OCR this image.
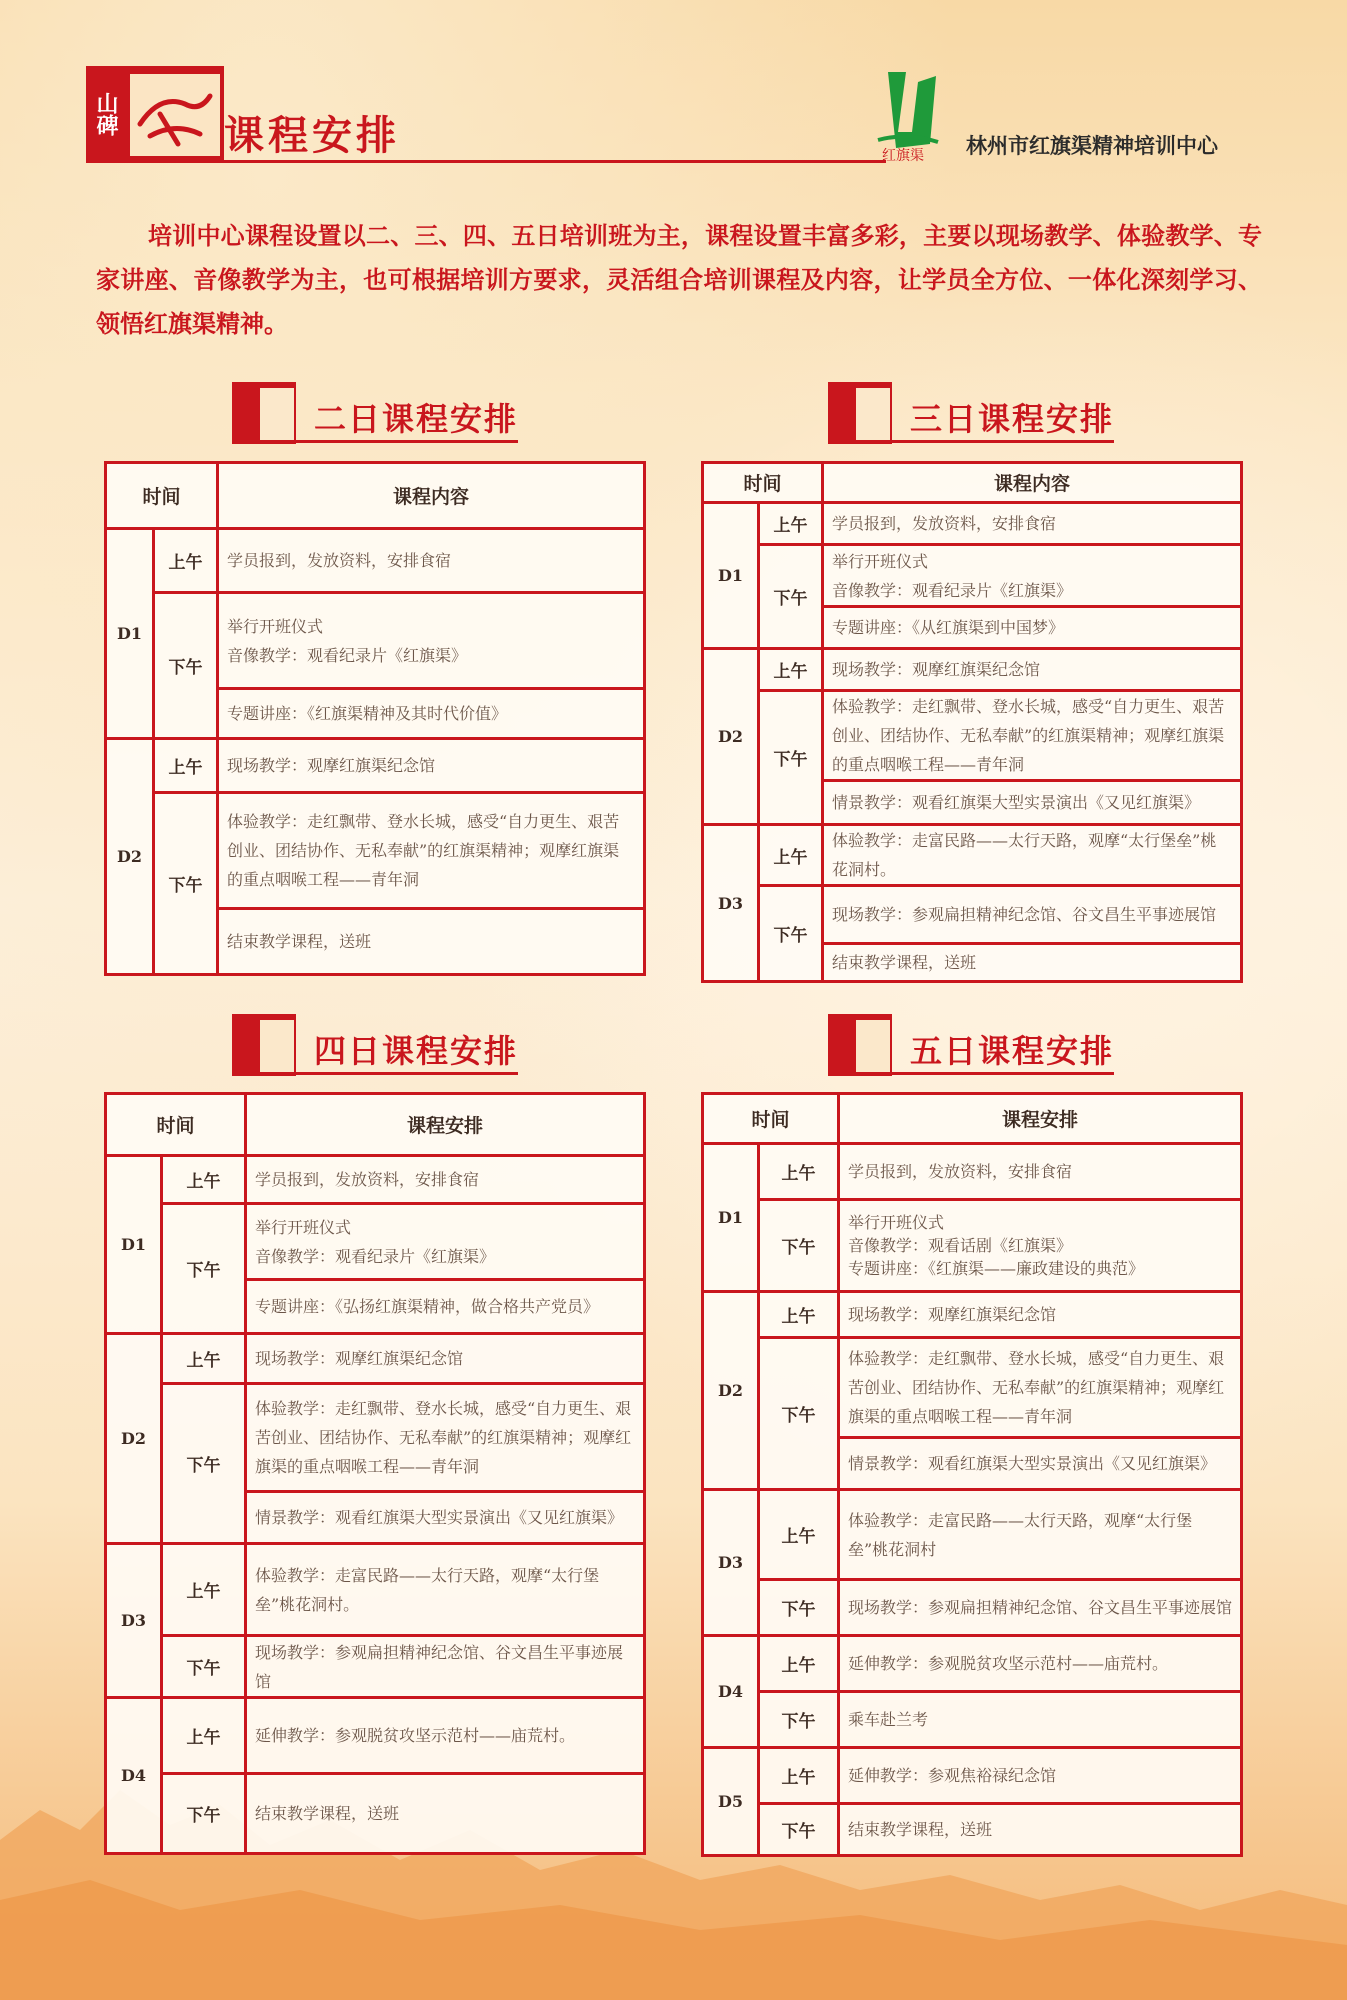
山碑	课程安排	红旗渠 林州市红旗渠精神培训中心
培训中心课程设置以二、三、四、五日培训班为主，课程设置丰富多彩，主要以现场教学、体验教学、专家讲座、音像教学为主，也可根据培训方要求，灵活组合培训课程及内容，让学员全方位、一体化深刻学习、领悟红旗渠精神。
二日课程安排	三日课程安排
四日课程安排	五日课程安排
时间		课程内容
D1	上午	学员报到，发放资料，安排食宿
	下午	举行开班仪式
音像教学：观看纪录片《红旗渠》

		专题讲座：《红旗渠精神及其时代价值》
D2	上午	现场教学：观摩红旗渠纪念馆
	下午	体验教学：走红飘带、登水长城，感受“自力更生、艰苦创业、团结协作、无私奉献”的红旗渠精神；观摩红旗渠的重点咽喉工程——青年洞
		结束教学课程，送班
时间		课程内容
D1	上午	学员报到，发放资料，安排食宿
	下午	举行开班仪式
音像教学：观看纪录片《红旗渠》

		专题讲座：《从红旗渠到中国梦》
D2	上午	现场教学：观摩红旗渠纪念馆
	下午	体验教学：走红飘带、登水长城，感受“自力更生、艰苦创业、团结协作、无私奉献”的红旗渠精神；观摩红旗渠的重点咽喉工程——青年洞
		情景教学：观看红旗渠大型实景演出《又见红旗渠》
D3	上午	体验教学：走富民路——太行天路，观摩“太行堡垒”桃花洞村。
	下午	现场教学：参观扁担精神纪念馆、谷文昌生平事迹展馆
		结束教学课程，送班
时间		课程安排
D1	上午	学员报到，发放资料，安排食宿
	下午	举行开班仪式
音像教学：观看纪录片《红旗渠》

		专题讲座：《弘扬红旗渠精神，做合格共产党员》
D2	上午	现场教学：观摩红旗渠纪念馆
	下午	体验教学：走红飘带、登水长城，感受“自力更生、艰苦创业、团结协作、无私奉献”的红旗渠精神；观摩红旗渠的重点咽喉工程——青年洞
		情景教学：观看红旗渠大型实景演出《又见红旗渠》
D3	上午	体验教学：走富民路——太行天路，观摩“太行堡垒”桃花洞村。
	下午	现场教学：参观扁担精神纪念馆、谷文昌生平事迹展馆
D4	上午	延伸教学：参观脱贫攻坚示范村——庙荒村。
	下午	结束教学课程，送班
时间		课程安排
D1	上午	学员报到，发放资料，安排食宿
	下午	举行开班仪式
音像教学：观看话剧《红旗渠》
专题讲座：《红旗渠——廉政建设的典范》

D2	上午	现场教学：观摩红旗渠纪念馆
	下午	体验教学：走红飘带、登水长城，感受“自力更生、艰苦创业、团结协作、无私奉献”的红旗渠精神；观摩红旗渠的重点咽喉工程——青年洞
		情景教学：观看红旗渠大型实景演出《又见红旗渠》
D3	上午	体验教学：走富民路——太行天路，观摩“太行堡垒”桃花洞村
	下午	现场教学：参观扁担精神纪念馆、谷文昌生平事迹展馆
D4	上午	延伸教学：参观脱贫攻坚示范村——庙荒村。
	下午	乘车赴兰考
D5	上午	延伸教学：参观焦裕禄纪念馆
	下午	结束教学课程，送班
